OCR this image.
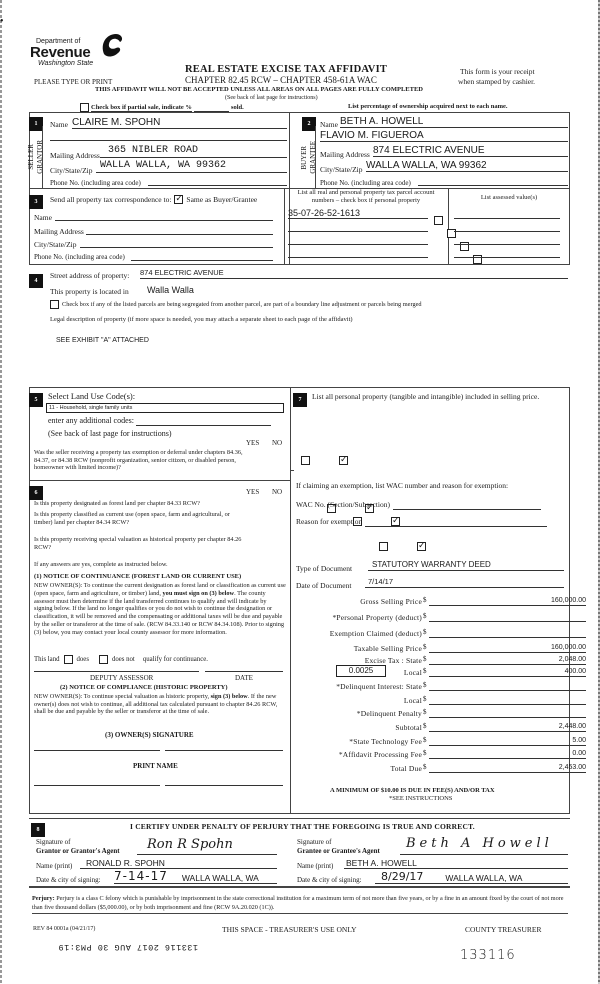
Department of
Revenue
Washington State
•
REAL ESTATE EXCISE TAX AFFIDAVIT
PLEASE TYPE OR PRINT	CHAPTER 82.45 RCW – CHAPTER 458-61A WAC
This form is your receipt
when stamped by cashier.
THIS AFFIDAVIT WILL NOT BE ACCEPTED UNLESS ALL AREAS ON ALL PAGES ARE FULLY COMPLETED
(See back of last page for instructions)
Check box if partial sale, indicate %	sold.	List percentage of ownership acquired next to each name.
1
SELLER
GRANTOR
Name CLAIRE M. SPOHN
Mailing Address 365 NIBLER ROAD
City/State/Zip WALLA WALLA, WA 99362
Phone No. (including area code)
2
BUYER
GRANTEE
Name BETH A. HOWELL
FLAVIO M. FIGUEROA
Mailing Address 874 ELECTRIC AVENUE
City/State/Zip WALLA WALLA, WA 99362
Phone No. (including area code)
3	Send all property tax correspondence to: ✓ Same as Buyer/Grantee
Name
Mailing Address
City/State/Zip
Phone No. (including area code)
List all real and personal property tax parcel account numbers – check box if personal property	List assessed value(s)
35-07-26-52-1613

4
Street address of property: 874 ELECTRIC AVENUE
This property is located in Walla Walla
Check box if any of the listed parcels are being segregated from another parcel, are part of a boundary line adjustment or parcels being merged
Legal description of property (if more space is needed, you may attach a separate sheet to each page of the affidavit)
SEE EXHIBIT "A" ATTACHED
5	Select Land Use Code(s):
11 - Household, single family units
enter any additional codes:
(See back of last page for instructions)
YES NO
Was the seller receiving a property tax exemption or deferral under chapters 84.36, 84.37, or 84.38 RCW (nonprofit organization, senior citizen, or disabled person, homeowner with limited income)?
✓
6	YES NO
Is this property designated as forest land per chapter 84.33 RCW?
✓
Is this property classified as current use (open space, farm and agricultural, or timber) land per chapter 84.34 RCW?
✓
Is this property receiving special valuation as historical property per chapter 84.26 RCW?
✓
If any answers are yes, complete as instructed below.
(1) NOTICE OF CONTINUANCE (FOREST LAND OR CURRENT USE)
NEW OWNER(S): To continue the current designation as forest land or classification as current use (open space, farm and agriculture, or timber) land, you must sign on (3) below. The county assessor must then determine if the land transferred continues to qualify and will indicate by signing below. If the land no longer qualifies or you do not wish to continue the designation or classification, it will be removed and the compensating or additional taxes will be due and payable by the seller or transferor at the time of sale. (RCW 84.33.140 or RCW 84.34.108). Prior to signing (3) below, you may contact your local county assessor for more information.
This land	does	does not qualify for continuance.
DEPUTY ASSESSOR	DATE
(2) NOTICE OF COMPLIANCE (HISTORIC PROPERTY)
NEW OWNER(S): To continue special valuation as historic property, sign (3) below. If the new owner(s) does not wish to continue, all additional tax calculated pursuant to chapter 84.26 RCW, shall be due and payable by the seller or transferor at the time of sale.
(3) OWNER(S) SIGNATURE
PRINT NAME
7	List all personal property (tangible and intangible) included in selling price.
If claiming an exemption, list WAC number and reason for exemption:
WAC No. (Section/Subsection)
Reason for exemption
Type of Document	STATUTORY WARRANTY DEED
Date of Document	7/14/17
Gross Selling Price $	160,000.00
*Personal Property (deduct) $
Exemption Claimed (deduct) $
Taxable Selling Price $	160,000.00
Excise Tax : State $	2,048.00
0.0025	Local $	400.00
*Delinquent Interest: State $
Local $
*Delinquent Penalty $
Subtotal $	2,448.00
*State Technology Fee $	5.00
*Affidavit Processing Fee $	0.00
Total Due $	2,453.00
A MINIMUM OF $10.00 IS DUE IN FEE(S) AND/OR TAX
*SEE INSTRUCTIONS
8	I CERTIFY UNDER PENALTY OF PERJURY THAT THE FOREGOING IS TRUE AND CORRECT.
Signature of
Grantor or Grantor's Agent	Ron R Spohn
Name (print)	RONALD R. SPOHN
Date & city of signing: 7-14-17 WALLA WALLA, WA
Signature of
Grantee or Grantee's Agent	Beth A Howell
Name (print) BETH A. HOWELL
Date & city of signing:	8/29/17	WALLA WALLA, WA
Perjury: Perjury is a class C felony which is punishable by imprisonment in the state correctional institution for a maximum term of not more than five years, or by a fine in an amount fixed by the court of not more than five thousand dollars ($5,000.00), or by both imprisonment and fine (RCW 9A.20.020 (1C)).
REV 84 0001a (04/21/17)	THIS SPACE - TREASURER'S USE ONLY	COUNTY TREASURER
133116 2017 AUG 30 PM3:19
133116
